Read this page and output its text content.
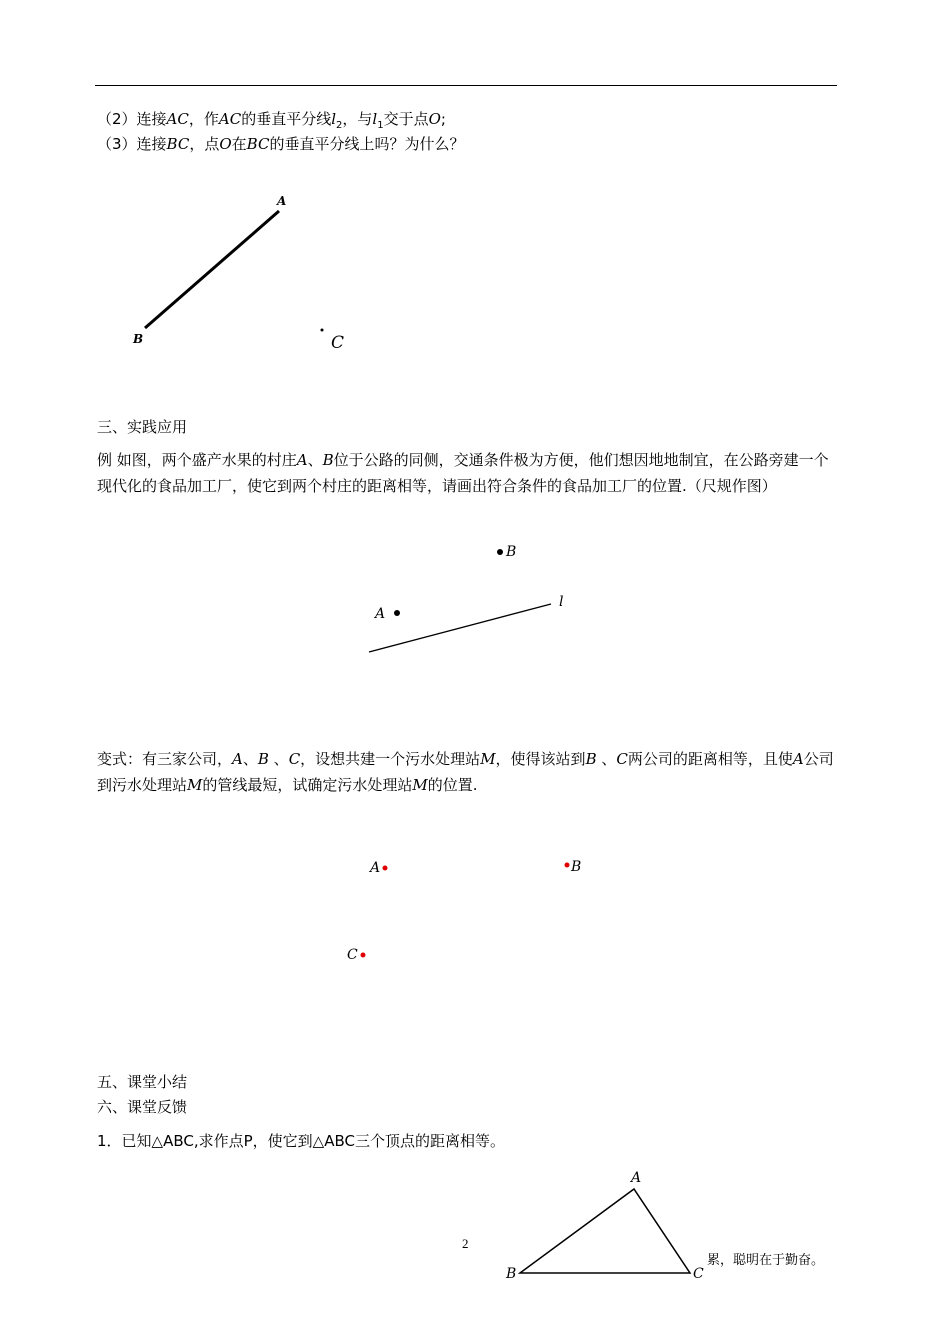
（2）连接AC，作AC的垂直平分线$l_2$，与$l_1$交于点O;
（3）连接BC，点O在BC的垂直平分线上吗？为什么？
A
B	C
三、实践应用
例 如图，两个盛产水果的村庄A、B位于公路的同侧，交通条件极为方便，他们想因地地制宜，在公路旁建一个现代化的食品加工厂，使它到两个村庄的距离相等，请画出符合条件的食品加工厂的位置.（尺规作图）
B
A
l
变式：有三家公司，A、B 、C，设想共建一个污水处理站M，使得该站到B 、C两公司的距离相等，且使A公司到污水处理站M的管线最短，试确定污水处理站M的位置.
A	B
C
五、课堂小结
六、课堂反馈
1．已知△ABC,求作点P，使它到△ABC三个顶点的距离相等。
A
B	C
2
累，聪明在于勤奋。
